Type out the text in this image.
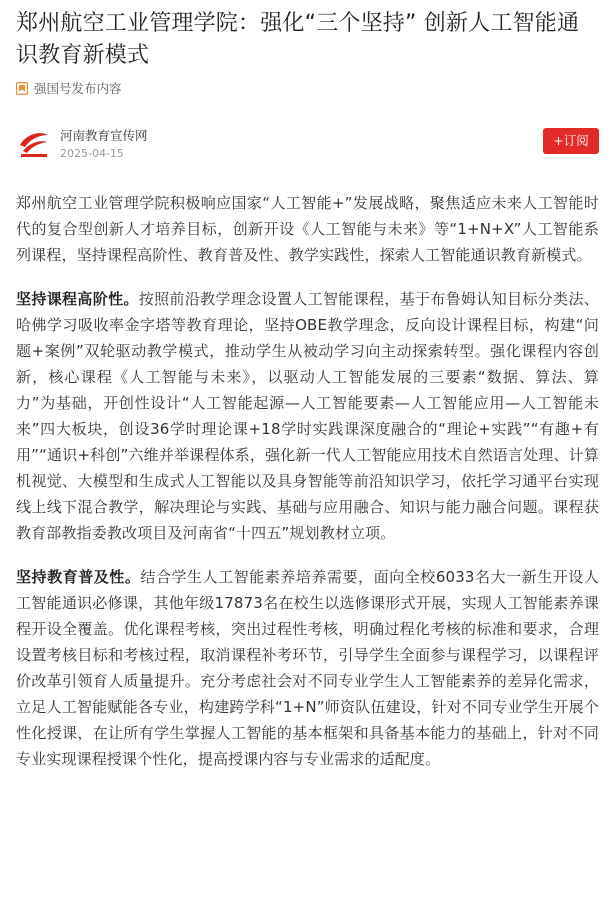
郑州航空工业管理学院：强化“三个坚持” 创新人工智能通识教育新模式
强国号发布内容
河南教育宣传网
2025-04-15
+订阅

郑州航空工业管理学院积极响应国家“人工智能+”发展战略，聚焦适应未来人工智能时代的复合型创新人才培养目标，创新开设《人工智能与未来》等“1+N+X”人工智能系列课程，坚持课程高阶性、教育普及性、教学实践性，探索人工智能通识教育新模式。

坚持课程高阶性。按照前沿教学理念设置人工智能课程，基于布鲁姆认知目标分类法、哈佛学习吸收率金字塔等教育理论，坚持OBE教学理念，反向设计课程目标，构建“问题+案例”双轮驱动教学模式，推动学生从被动学习向主动探索转型。强化课程内容创新，核心课程《人工智能与未来》，以驱动人工智能发展的三要素“数据、算法、算力”为基础，开创性设计“人工智能起源—人工智能要素—人工智能应用—人工智能未来”四大板块，创设36学时理论课+18学时实践课深度融合的“理论+实践”“有趣+有用”“通识+科创”六维并举课程体系，强化新一代人工智能应用技术自然语言处理、计算机视觉、大模型和生成式人工智能以及具身智能等前沿知识学习，依托学习通平台实现线上线下混合教学，解决理论与实践、基础与应用融合、知识与能力融合问题。课程获教育部教指委教改项目及河南省“十四五”规划教材立项。

坚持教育普及性。结合学生人工智能素养培养需要，面向全校6033名大一新生开设人工智能通识必修课，其他年级17873名在校生以选修课形式开展，实现人工智能素养课程开设全覆盖。优化课程考核，突出过程性考核，明确过程化考核的标准和要求，合理设置考核目标和考核过程，取消课程补考环节，引导学生全面参与课程学习，以课程评价改革引领育人质量提升。充分考虑社会对不同专业学生人工智能素养的差异化需求，立足人工智能赋能各专业，构建跨学科“1+N”师资队伍建设，针对不同专业学生开展个性化授课，在让所有学生掌握人工智能的基本框架和具备基本能力的基础上，针对不同专业实现课程授课个性化，提高授课内容与专业需求的适配度。
